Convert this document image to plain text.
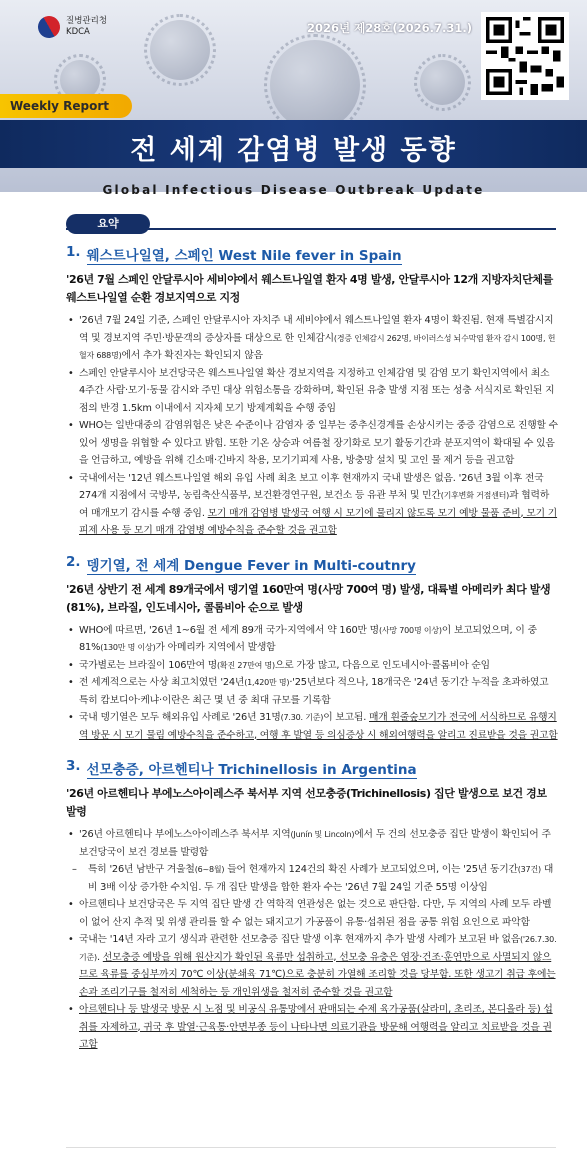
질병관리청
KDCA	2026년 제28호(2026.7.31.)
Weekly Report
전 세계 감염병 발생 동향
Global Infectious Disease Outbreak Update
요약
1. 웨스트나일열, 스페인 West Nile fever in Spain
'26년 7월 스페인 안달루시아 세비야에서 웨스트나일열 환자 4명 발생, 안달루시아 12개 지방자치단체를 웨스트나일열 순환 경보지역으로 지정
• '26년 7월 24일 기준, 스페인 안달루시아 자치주 내 세비야에서 웨스트나일열 환자 4명이 확진됨. 현재 특별감시지역 및 경보지역 주민·방문객의 증상자를 대상으로 한 인체감시(경증 인체감시 262명, 바이러스성 뇌수막염 환자 감시 100명, 헌혈자 688명)에서 추가 확진자는 확인되지 않음
• 스페인 안달루시아 보건당국은 웨스트나일열 확산 경보지역을 지정하고 인체감염 및 감염 모기 확인지역에서 최소 4주간 사람·모기·동물 감시와 주민 대상 위험소통을 강화하며, 확인된 유충 발생 지점 또는 성충 서식지로 확인된 지점의 반경 1.5km 이내에서 지자체 모기 방제계획을 수행 중임
• WHO는 일반대중의 감염위험은 낮은 수준이나 감염자 중 일부는 중추신경계를 손상시키는 중증 감염으로 진행할 수 있어 생명을 위협할 수 있다고 밝힘. 또한 기온 상승과 여름철 장기화로 모기 활동기간과 분포지역이 확대될 수 있음을 언급하고, 예방을 위해 긴소매·긴바지 착용, 모기기피제 사용, 방충망 설치 및 고인 물 제거 등을 권고함
• 국내에서는 '12년 웨스트나일열 해외 유입 사례 최초 보고 이후 현재까지 국내 발생은 없음. '26년 3월 이후 전국 274개 지점에서 국방부, 농림축산식품부, 보건환경연구원, 보건소 등 유관 부처 및 민간(기후변화 거점센터)과 협력하여 매개모기 감시를 수행 중임. 모기 매개 감염병 발생국 여행 시 모기에 물리지 않도록 모기 예방 물품 준비, 모기 기피제 사용 등 모기 매개 감염병 예방수칙을 준수할 것을 권고함
2. 뎅기열, 전 세계 Dengue Fever in Multi-coutnry
'26년 상반기 전 세계 89개국에서 뎅기열 160만여 명(사망 700여 명) 발생, 대륙별 아메리카 최다 발생(81%), 브라질, 인도네시아, 콜롬비아 순으로 발생
• WHO에 따르면, '26년 1~6월 전 세계 89개 국가·지역에서 약 160만 명(사망 700명 이상)이 보고되었으며, 이 중 81%(130만 명 이상)가 아메리카 지역에서 발생함
• 국가별로는 브라질이 106만여 명(확진 27만여 명)으로 가장 많고, 다음으로 인도네시아·콜롬비아 순임
• 전 세계적으로는 사상 최고치였던 '24년(1,420만 명)·'25년보다 적으나, 18개국은 '24년 동기간 누적을 초과하였고 특히 캄보디아·케냐·이란은 최근 몇 년 중 최대 규모를 기록함
• 국내 뎅기열은 모두 해외유입 사례로 '26년 31명(7.30. 기준)이 보고됨. 매개 흰줄숲모기가 전국에 서식하므로 유행지역 방문 시 모기 물림 예방수칙을 준수하고, 여행 후 발열 등 의심증상 시 해외여행력을 알리고 진료받을 것을 권고함
3. 선모충증, 아르헨티나 Trichinellosis in Argentina
'26년 아르헨티나 부에노스아이레스주 북서부 지역 선모충증(Trichinellosis) 집단 발생으로 보건 경보 발령
• '26년 아르헨티나 부에노스아이레스주 북서부 지역(Junín 및 Lincoln)에서 두 건의 선모충증 집단 발생이 확인되어 주 보건당국이 보건 경보를 발령함
– 특히 '26년 남반구 겨울철(6~8월) 들어 현재까지 124건의 확진 사례가 보고되었으며, 이는 '25년 동기간(37건) 대비 3배 이상 증가한 수치임. 두 개 집단 발생을 합한 환자 수는 '26년 7월 24일 기준 55명 이상임
• 아르헨티나 보건당국은 두 지역 집단 발생 간 역학적 연관성은 없는 것으로 판단함. 다만, 두 지역의 사례 모두 라벨이 없어 산지 추적 및 위생 관리를 할 수 없는 돼지고기 가공품이 유통·섭취된 점을 공통 위험 요인으로 파악함
• 국내는 '14년 자라 고기 생식과 관련한 선모충증 집단 발생 이후 현재까지 추가 발생 사례가 보고된 바 없음('26.7.30. 기준). 선모충증 예방을 위해 원산지가 확인된 육류만 섭취하고, 선모충 유충은 염장·건조·훈연만으로 사멸되지 않으므로 육류를 중심부까지 70℃ 이상(분쇄육 71℃)으로 충분히 가열해 조리할 것을 당부함. 또한 생고기 취급 후에는 손과 조리기구를 철저히 세척하는 등 개인위생을 철저히 준수할 것을 권고함
• 아르헨티나 등 발생국 방문 시 노점 및 비공식 유통망에서 판매되는 수제 육가공품(살라미, 초리조, 본디올라 등) 섭취를 자제하고, 귀국 후 발열·근육통·안면부종 등이 나타나면 의료기관을 방문해 여행력을 알리고 치료받을 것을 권고함
